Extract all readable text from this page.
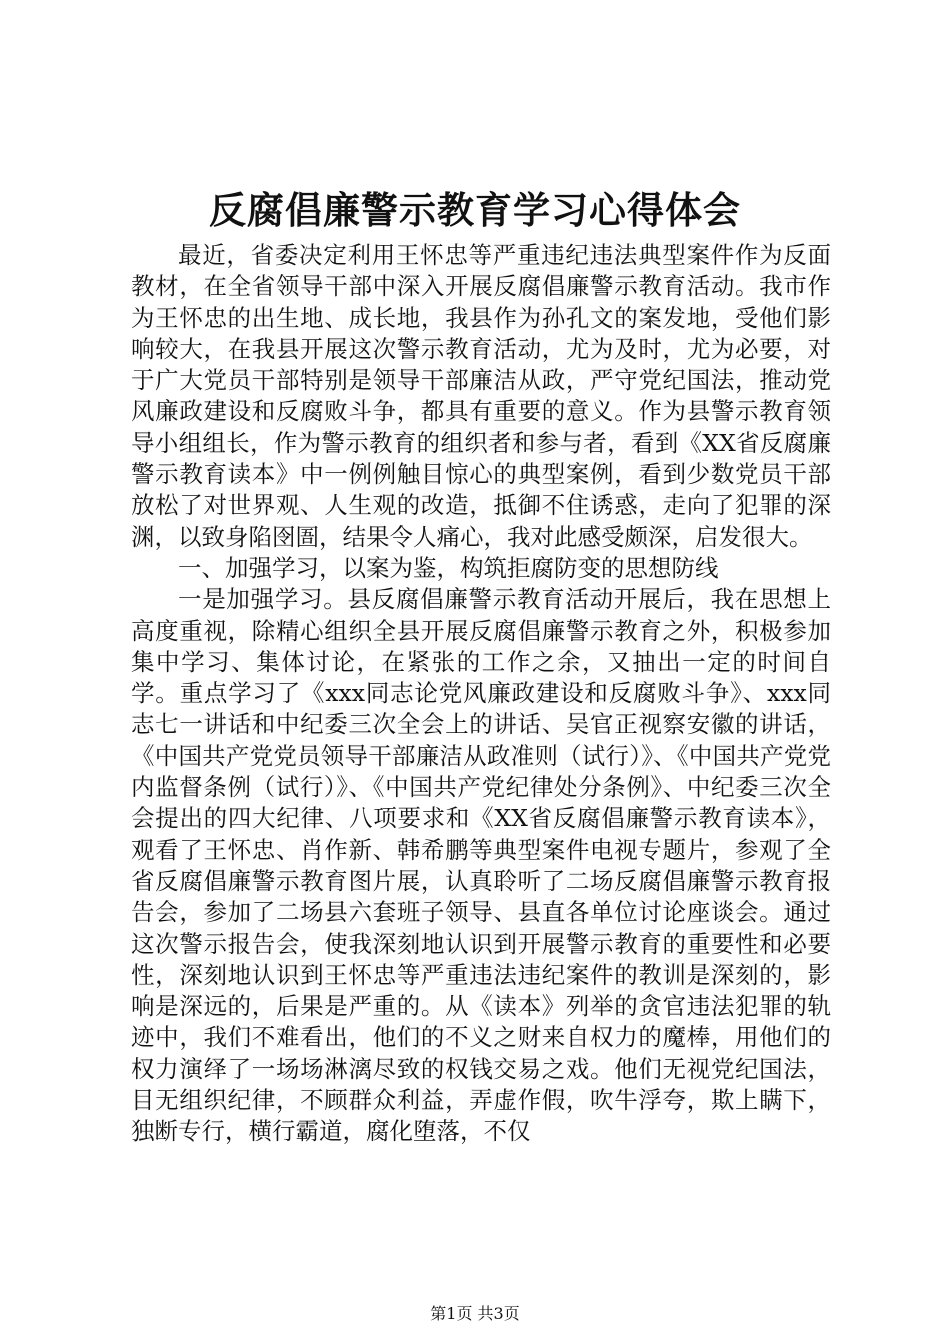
反腐倡廉警示教育学习心得体会

最近，省委决定利用王怀忠等严重违纪违法典型案件作为反面教材，在全省领导干部中深入开展反腐倡廉警示教育活动。我市作为王怀忠的出生地、成长地，我县作为孙孔文的案发地，受他们影响较大，在我县开展这次警示教育活动，尤为及时，尤为必要，对于广大党员干部特别是领导干部廉洁从政，严守党纪国法，推动党风廉政建设和反腐败斗争，都具有重要的意义。作为县警示教育领导小组组长，作为警示教育的组织者和参与者，看到《XX省反腐廉警示教育读本》中一例例触目惊心的典型案例，看到少数党员干部放松了对世界观、人生观的改造，抵御不住诱惑，走向了犯罪的深渊，以致身陷囹圄，结果令人痛心，我对此感受颇深，启发很大。

一、加强学习，以案为鉴，构筑拒腐防变的思想防线

一是加强学习。县反腐倡廉警示教育活动开展后，我在思想上高度重视，除精心组织全县开展反腐倡廉警示教育之外，积极参加集中学习、集体讨论，在紧张的工作之余，又抽出一定的时间自学。重点学习了《xxx同志论党风廉政建设和反腐败斗争》、xxx同志七一讲话和中纪委三次全会上的讲话、吴官正视察安徽的讲话，《中国共产党党员领导干部廉洁从政准则（试行）》、《中国共产党党内监督条例（试行）》、《中国共产党纪律处分条例》、中纪委三次全会提出的四大纪律、八项要求和《XX省反腐倡廉警示教育读本》，观看了王怀忠、肖作新、韩希鹏等典型案件电视专题片，参观了全省反腐倡廉警示教育图片展，认真聆听了二场反腐倡廉警示教育报告会，参加了二场县六套班子领导、县直各单位讨论座谈会。通过这次警示报告会，使我深刻地认识到开展警示教育的重要性和必要性，深刻地认识到王怀忠等严重违法违纪案件的教训是深刻的，影响是深远的，后果是严重的。从《读本》列举的贪官违法犯罪的轨迹中，我们不难看出，他们的不义之财来自权力的魔棒，用他们的权力演绎了一场场淋漓尽致的权钱交易之戏。他们无视党纪国法，目无组织纪律，不顾群众利益，弄虚作假，吹牛浮夸，欺上瞒下，独断专行，横行霸道，腐化堕落，不仅

第1页 共3页
